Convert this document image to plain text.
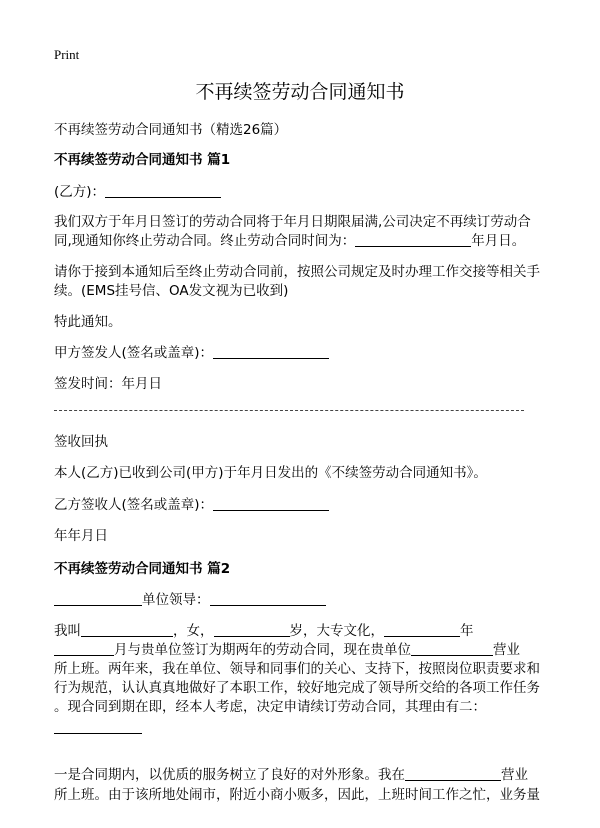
Print
不再续签劳动合同通知书
不再续签劳动合同通知书（精选26篇）
不再续签劳动合同通知书 篇1
(乙方)：
我们双方于年月日签订的劳动合同将于年月日期限届满,公司决定不再续订劳动合
同,现通知你终止劳动合同。终止劳动合同时间为：	年月日。
请你于接到本通知后至终止劳动合同前，按照公司规定及时办理工作交接等相关手
续。(EMS挂号信、OA发文视为已收到)
特此通知。
甲方签发人(签名或盖章)：
签发时间：年月日
签收回执
本人(乙方)已收到公司(甲方)于年月日发出的《不续签劳动合同通知书》。
乙方签收人(签名或盖章)：
年年月日
不再续签劳动合同通知书 篇2
单位领导：
我叫	，女，	岁，大专文化，	年
月与贵单位签订为期两年的劳动合同，现在贵单位	营业
所上班。两年来，我在单位、领导和同事们的关心、支持下，按照岗位职责要求和
行为规范，认认真真地做好了本职工作，较好地完成了领导所交给的各项工作任务
。现合同到期在即，经本人考虑，决定申请续订劳动合同，其理由有二：
一是合同期内，以优质的服务树立了良好的对外形象。我在	营业
所上班。由于该所地处闹市，附近小商小贩多，因此，上班时间工作之忙，业务量
